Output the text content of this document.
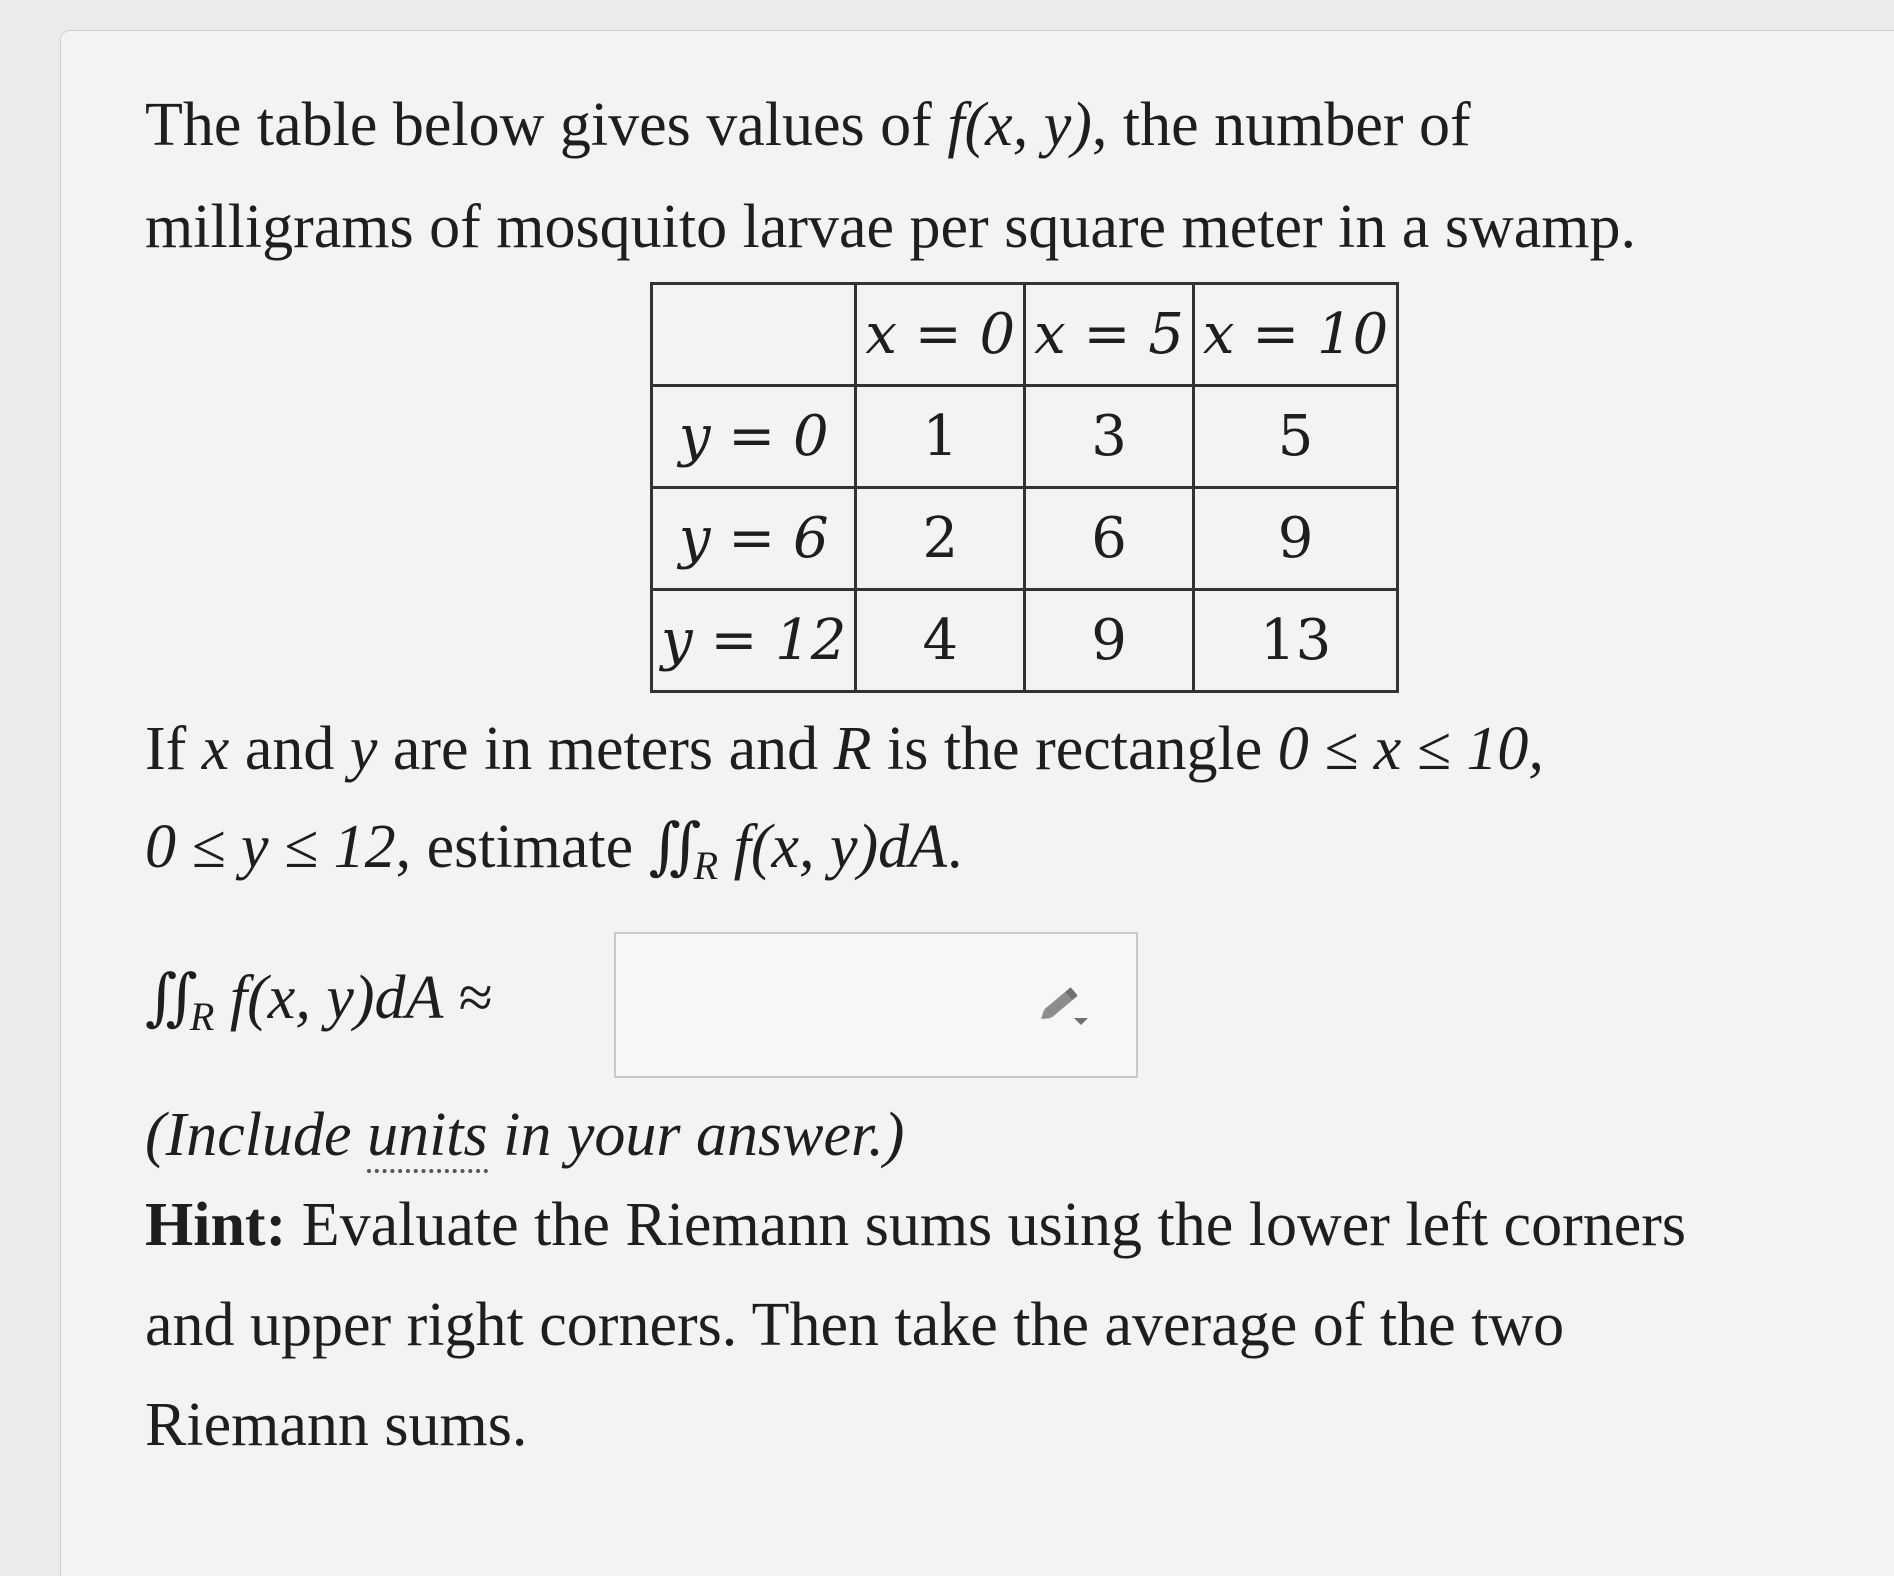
The table below gives values of f(x, y), the number of
milligrams of mosquito larvae per square meter in a swamp.
	x = 0	x = 5	x = 10
y = 0	1	3	5
y = 6	2	6	9
y = 12	4	9	13
If x and y are in meters and R is the rectangle 0 ≤ x ≤ 10,
0 ≤ y ≤ 12, estimate $∬_R$ f(x, y)dA.
$∬_R$ f(x, y)dA ≈
(Include units in your answer.)
Hint: Evaluate the Riemann sums using the lower left corners
and upper right corners. Then take the average of the two
Riemann sums.
